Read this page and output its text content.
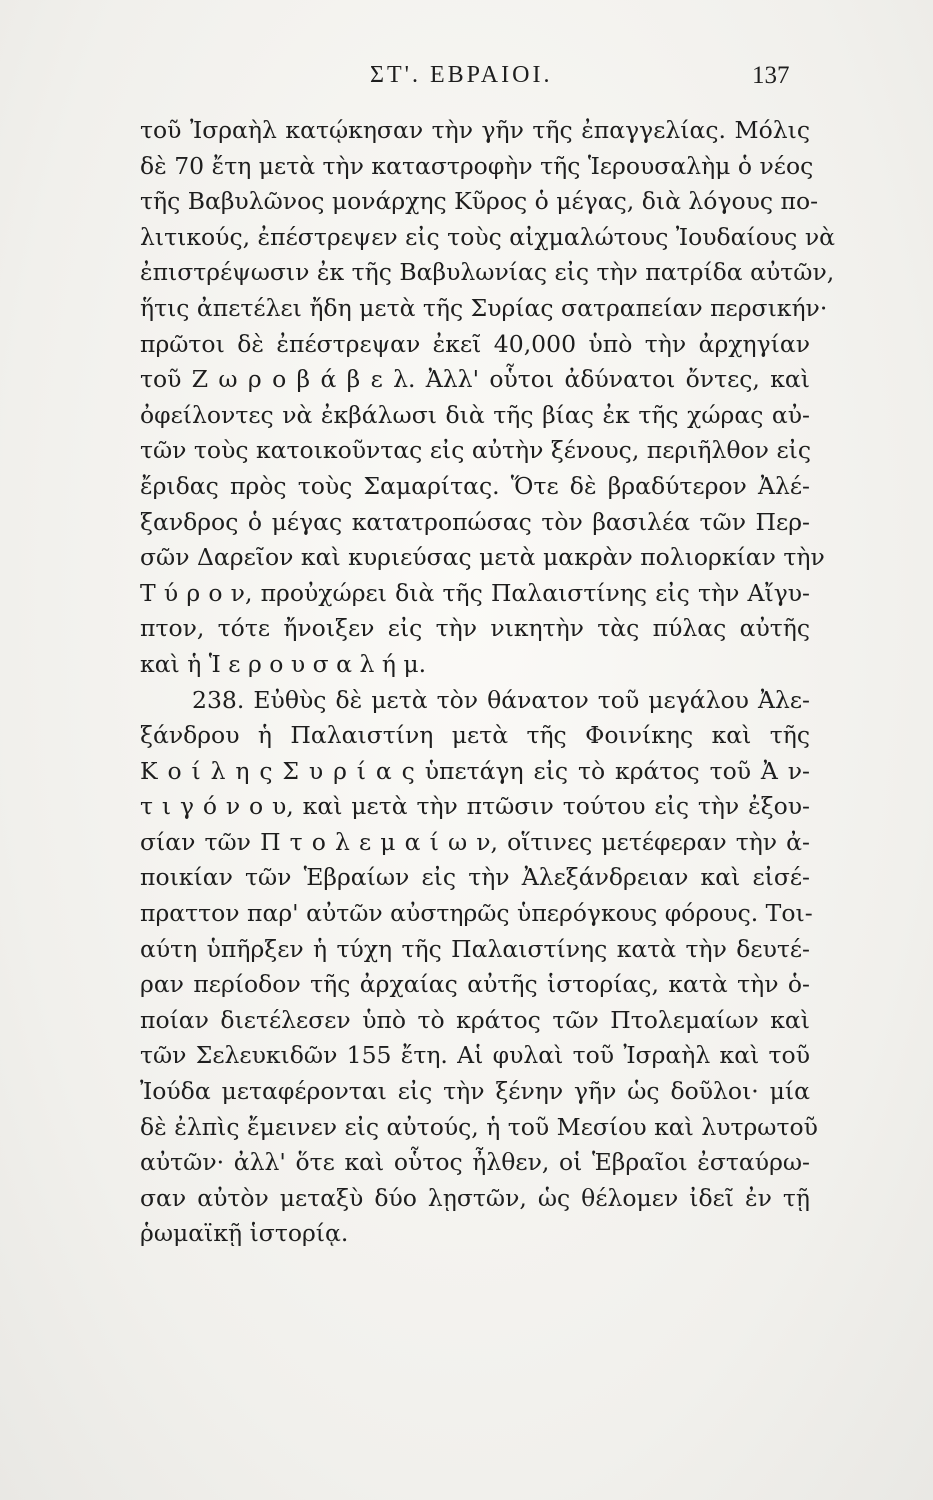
ΣΤ'. ΕΒΡΑΙΟΙ.	137
τοῦ Ἰσραὴλ κατῴκησαν τὴν γῆν τῆς ἐπαγγελίας. Μόλις
δὲ 70 ἔτη μετὰ τὴν καταστροφὴν τῆς Ἱερουσαλὴμ ὁ νέος
τῆς Βαβυλῶνος μονάρχης Κῦρος ὁ μέγας, διὰ λόγους πο-
λιτικούς, ἐπέστρεψεν εἰς τοὺς αἰχμαλώτους Ἰουδαίους νὰ
ἐπιστρέψωσιν ἐκ τῆς Βαβυλωνίας εἰς τὴν πατρίδα αὐτῶν,
ἥτις ἀπετέλει ἤδη μετὰ τῆς Συρίας σατραπείαν περσικήν·
πρῶτοι δὲ ἐπέστρεψαν ἐκεῖ 40,000 ὑπὸ τὴν ἀρχηγίαν
τοῦ Ζ ω ρ ο β ά β ε λ. Ἀλλ' οὗτοι ἀδύνατοι ὄντες, καὶ
ὀφείλοντες νὰ ἐκβάλωσι διὰ τῆς βίας ἐκ τῆς χώρας αὐ-
τῶν τοὺς κατοικοῦντας εἰς αὐτὴν ξένους, περιῆλθον εἰς
ἔριδας πρὸς τοὺς Σαμαρίτας. Ὅτε δὲ βραδύτερον Ἀλέ-
ξανδρος ὁ μέγας κατατροπώσας τὸν βασιλέα τῶν Περ-
σῶν Δαρεῖον καὶ κυριεύσας μετὰ μακρὰν πολιορκίαν τὴν
Τ ύ ρ ο ν, προὐχώρει διὰ τῆς Παλαιστίνης εἰς τὴν Αἴγυ-
πτον, τότε ἤνοιξεν εἰς τὴν νικητὴν τὰς πύλας αὐτῆς
καὶ ἡ Ἱ ε ρ ο υ σ α λ ή μ.
238. Εὐθὺς δὲ μετὰ τὸν θάνατον τοῦ μεγάλου Ἀλε-
ξάνδρου ἡ Παλαιστίνη μετὰ τῆς Φοινίκης καὶ τῆς
Κ ο ί λ η ς Σ υ ρ ί α ς ὑπετάγη εἰς τὸ κράτος τοῦ Ἀ ν-
τ ι γ ό ν ο υ, καὶ μετὰ τὴν πτῶσιν τούτου εἰς τὴν ἐξου-
σίαν τῶν Π τ ο λ ε μ α ί ω ν, οἵτινες μετέφεραν τὴν ἀ-
ποικίαν τῶν Ἑβραίων εἰς τὴν Ἀλεξάνδρειαν καὶ εἰσέ-
πραττον παρ' αὐτῶν αὐστηρῶς ὑπερόγκους φόρους. Τοι-
αύτη ὑπῆρξεν ἡ τύχη τῆς Παλαιστίνης κατὰ τὴν δευτέ-
ραν περίοδον τῆς ἀρχαίας αὐτῆς ἱστορίας, κατὰ τὴν ὁ-
ποίαν διετέλεσεν ὑπὸ τὸ κράτος τῶν Πτολεμαίων καὶ
τῶν Σελευκιδῶν 155 ἔτη. Αἱ φυλαὶ τοῦ Ἰσραὴλ καὶ τοῦ
Ἰούδα μεταφέρονται εἰς τὴν ξένην γῆν ὡς δοῦλοι· μία
δὲ ἐλπὶς ἔμεινεν εἰς αὐτούς, ἡ τοῦ Μεσίου καὶ λυτρωτοῦ
αὐτῶν· ἀλλ' ὅτε καὶ οὗτος ἦλθεν, οἱ Ἑβραῖοι ἐσταύρω-
σαν αὐτὸν μεταξὺ δύο λῃστῶν, ὡς θέλομεν ἰδεῖ ἐν τῇ
ῥωμαϊκῇ ἱστορίᾳ.
